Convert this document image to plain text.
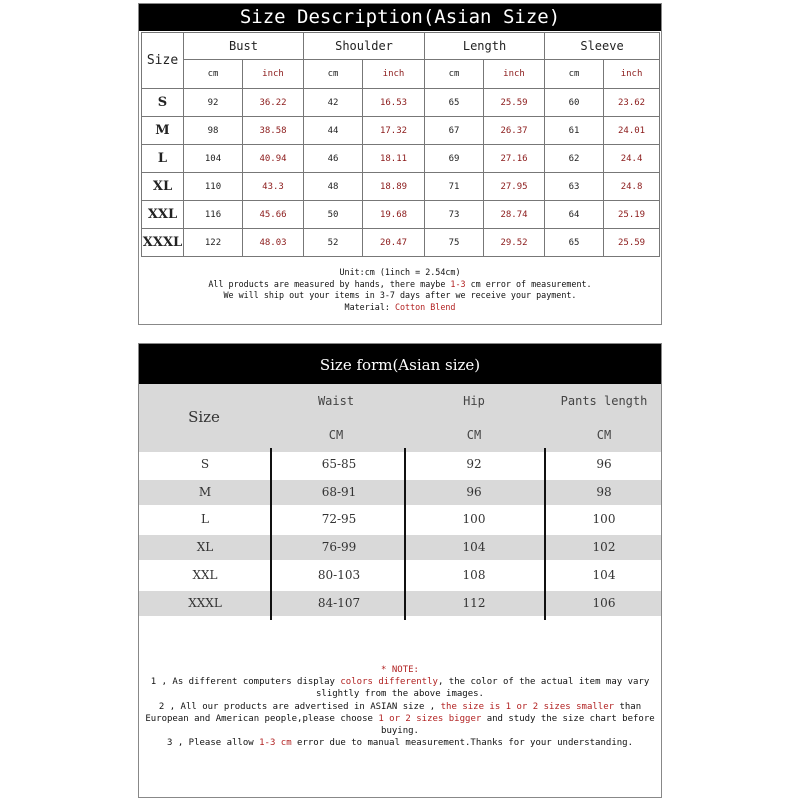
Size Description(Asian Size)
Size	Bust		Shoulder		Length		Sleeve	
	cm	inch	cm	inch	cm	inch	cm	inch
S	92	36.22	42	16.53	65	25.59	60	23.62
M	98	38.58	44	17.32	67	26.37	61	24.01
L	104	40.94	46	18.11	69	27.16	62	24.4
XL	110	43.3	48	18.89	71	27.95	63	24.8
XXL	116	45.66	50	19.68	73	28.74	64	25.19
XXXL	122	48.03	52	20.47	75	29.52	65	25.59
Unit:cm (1inch = 2.54cm)
All products are measured by hands, there maybe 1-3 cm error of measurement.
We will ship out your items in 3-7 days after we receive your payment.
Material: Cotton Blend
Size form(Asian size)
Size
Waist	Hip	Pants length
CM	CM	CM
S	65-85	92	96
M	68-91	96	98
L	72-95	100	100
XL	76-99	104	102
XXL	80-103	108	104
XXXL	84-107	112	106
* NOTE:
1 , As different computers display colors differently, the color of the actual item may vary
slightly from the above images.
2 , All our products are advertised in ASIAN size , the size is 1 or 2 sizes smaller than
European and American people,please choose 1 or 2 sizes bigger and study the size chart before
buying.
3 , Please allow 1-3 cm error due to manual measurement.Thanks for your understanding.
